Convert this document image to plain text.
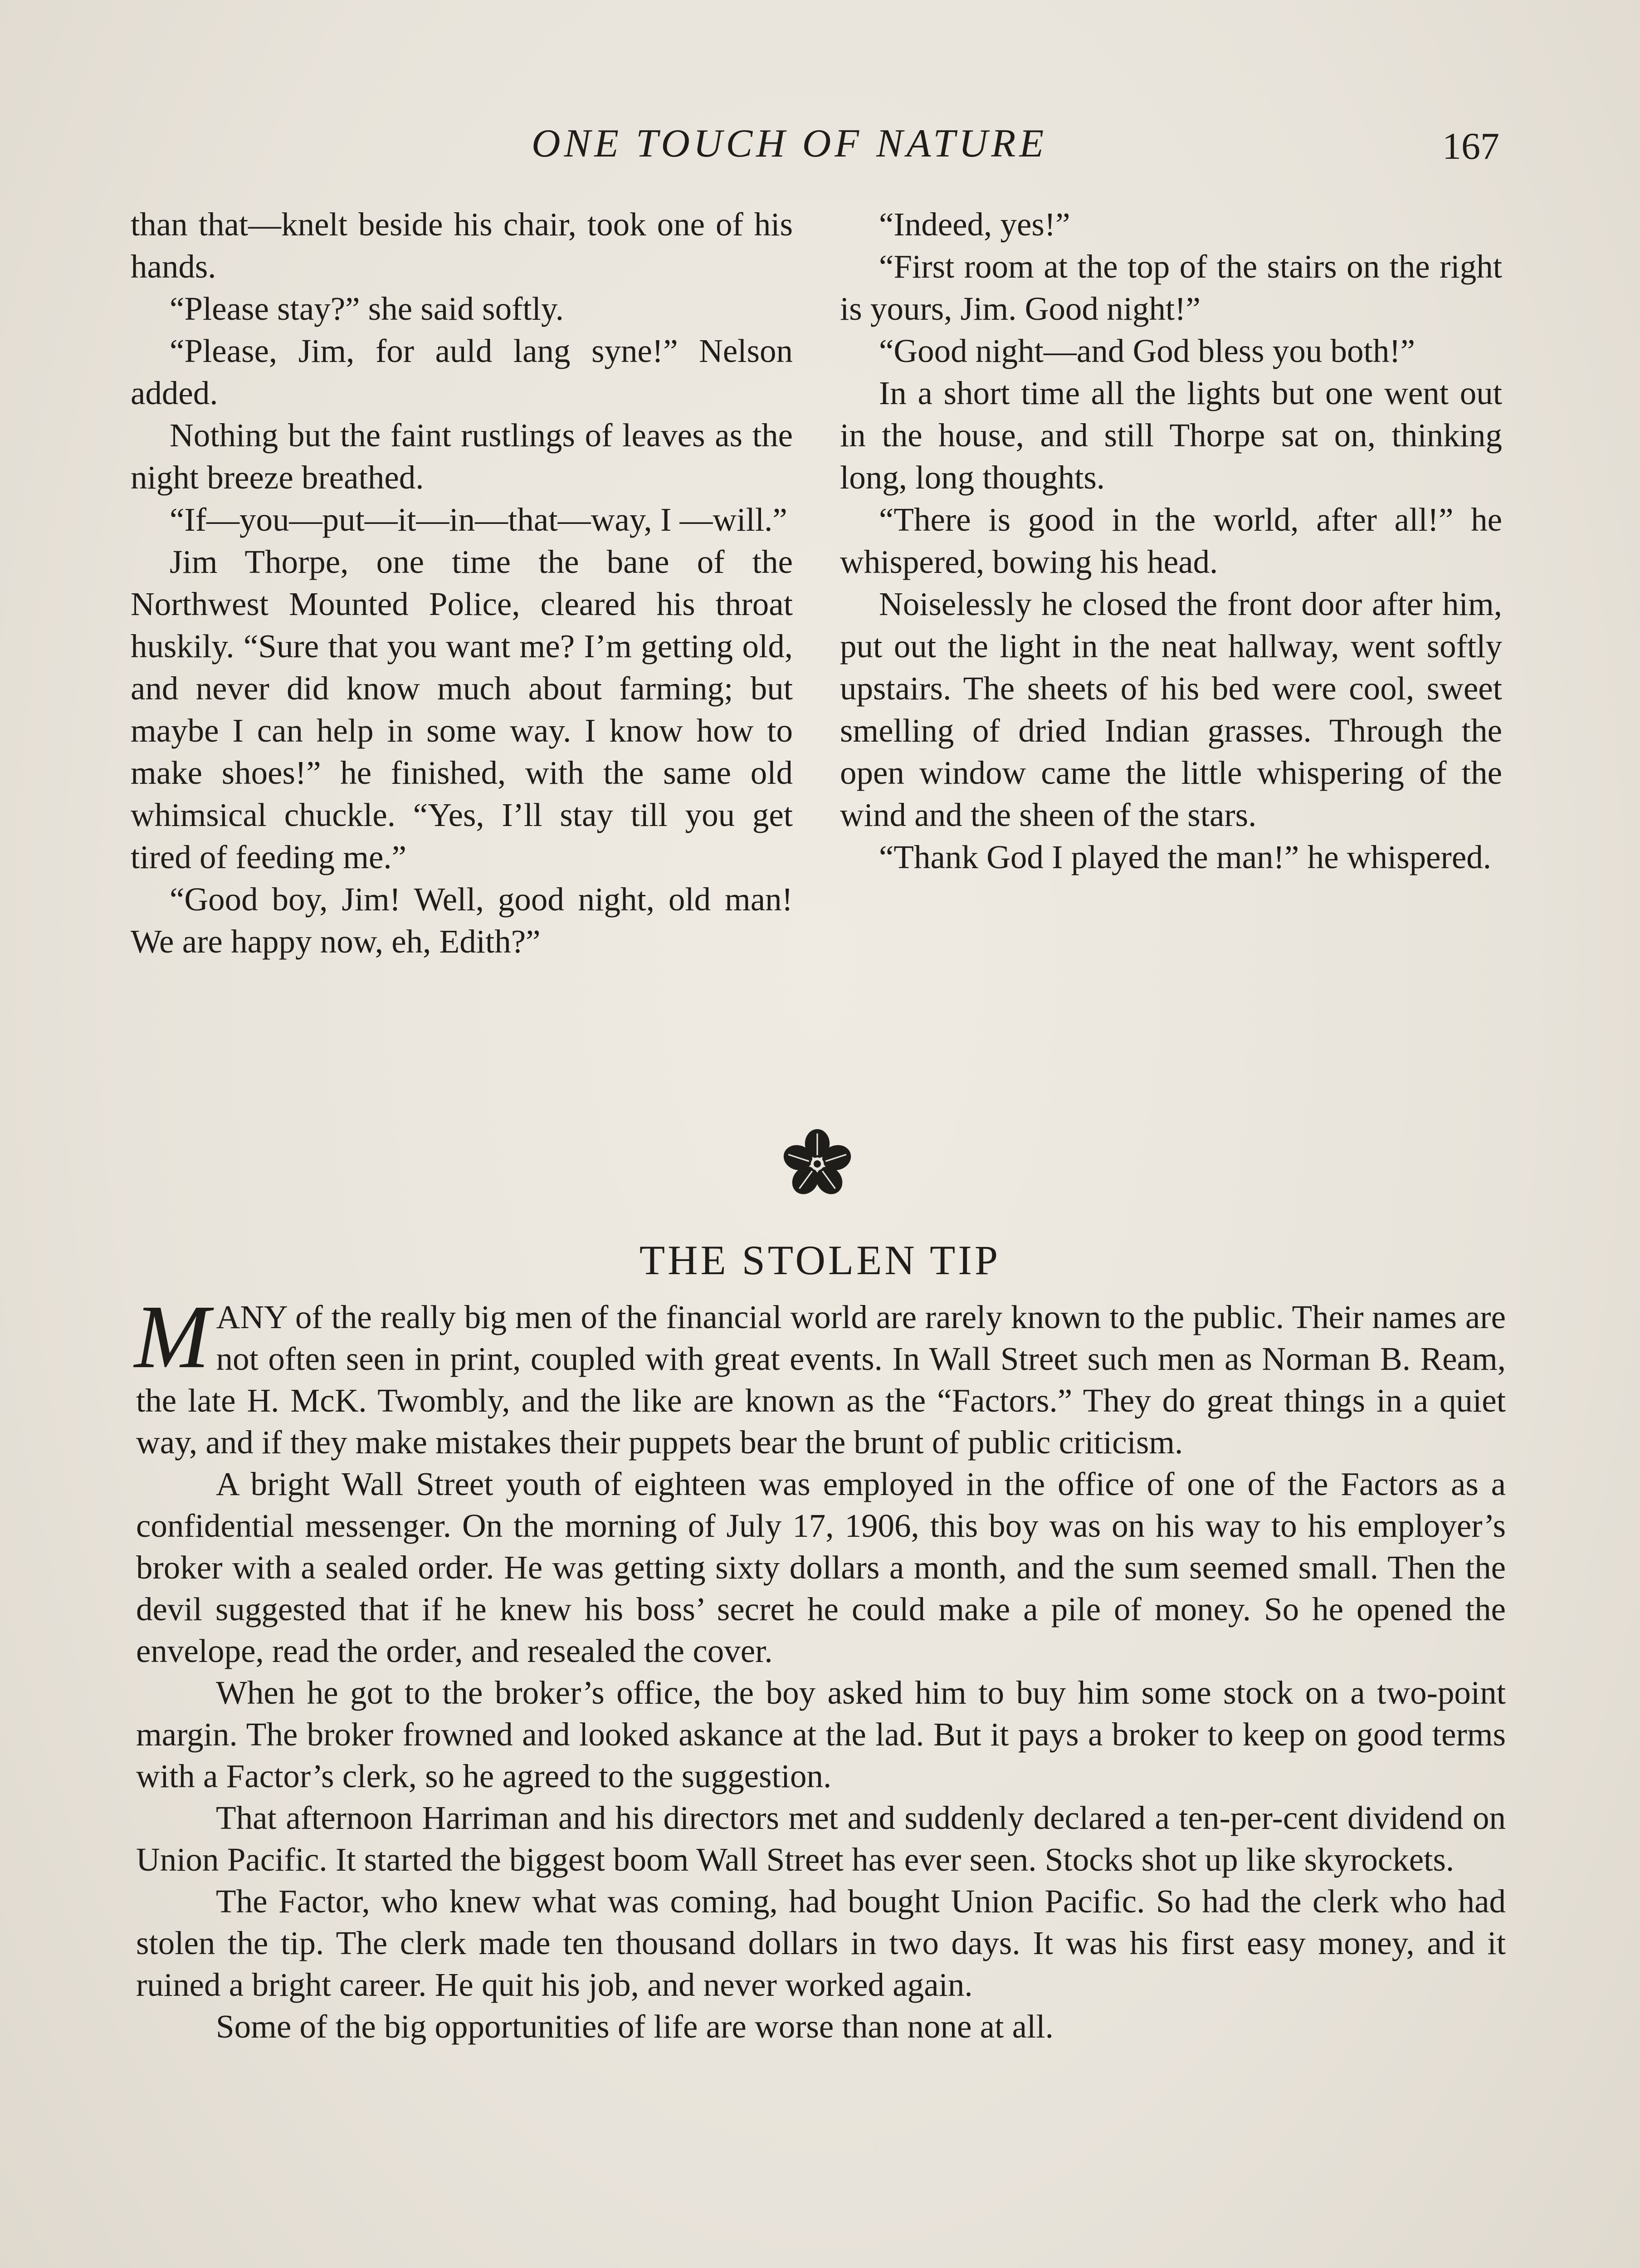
ONE TOUCH OF NATURE	167

than that—knelt beside his chair, took one of his hands.

“Please stay?” she said softly.

“Please, Jim, for auld lang syne!” Nelson added.

Nothing but the faint rustlings of leaves as the night breeze breathed.

“If—you—put—it—in—that—way, I —will.”

Jim Thorpe, one time the bane of the Northwest Mounted Police, cleared his throat huskily. “Sure that you want me? I’m getting old, and never did know much about farming; but maybe I can help in some way. I know how to make shoes!” he finished, with the same old whimsical chuckle. “Yes, I’ll stay till you get tired of feeding me.”

“Good boy, Jim! Well, good night, old man! We are happy now, eh, Edith?”

“Indeed, yes!”

“First room at the top of the stairs on the right is yours, Jim. Good night!”

“Good night—and God bless you both!”

In a short time all the lights but one went out in the house, and still Thorpe sat on, thinking long, long thoughts.

“There is good in the world, after all!” he whispered, bowing his head.

Noiselessly he closed the front door after him, put out the light in the neat hallway, went softly upstairs. The sheets of his bed were cool, sweet smelling of dried Indian grasses. Through the open window came the little whispering of the wind and the sheen of the stars.

“Thank God I played the man!” he whispered.

THE STOLEN TIP

MANY of the really big men of the financial world are rarely known to the public. Their names are not often seen in print, coupled with great events. In Wall Street such men as Norman B. Ream, the late H. McK. Twombly, and the like are known as the “Factors.” They do great things in a quiet way, and if they make mistakes their puppets bear the brunt of public criticism.

A bright Wall Street youth of eighteen was employed in the office of one of the Factors as a confidential messenger. On the morning of July 17, 1906, this boy was on his way to his employer’s broker with a sealed order. He was getting sixty dollars a month, and the sum seemed small. Then the devil suggested that if he knew his boss’ secret he could make a pile of money. So he opened the envelope, read the order, and resealed the cover.

When he got to the broker’s office, the boy asked him to buy him some stock on a two-point margin. The broker frowned and looked askance at the lad. But it pays a broker to keep on good terms with a Factor’s clerk, so he agreed to the suggestion.

That afternoon Harriman and his directors met and suddenly declared a ten-per-cent dividend on Union Pacific. It started the biggest boom Wall Street has ever seen. Stocks shot up like skyrockets.

The Factor, who knew what was coming, had bought Union Pacific. So had the clerk who had stolen the tip. The clerk made ten thousand dollars in two days. It was his first easy money, and it ruined a bright career. He quit his job, and never worked again.

Some of the big opportunities of life are worse than none at all.
